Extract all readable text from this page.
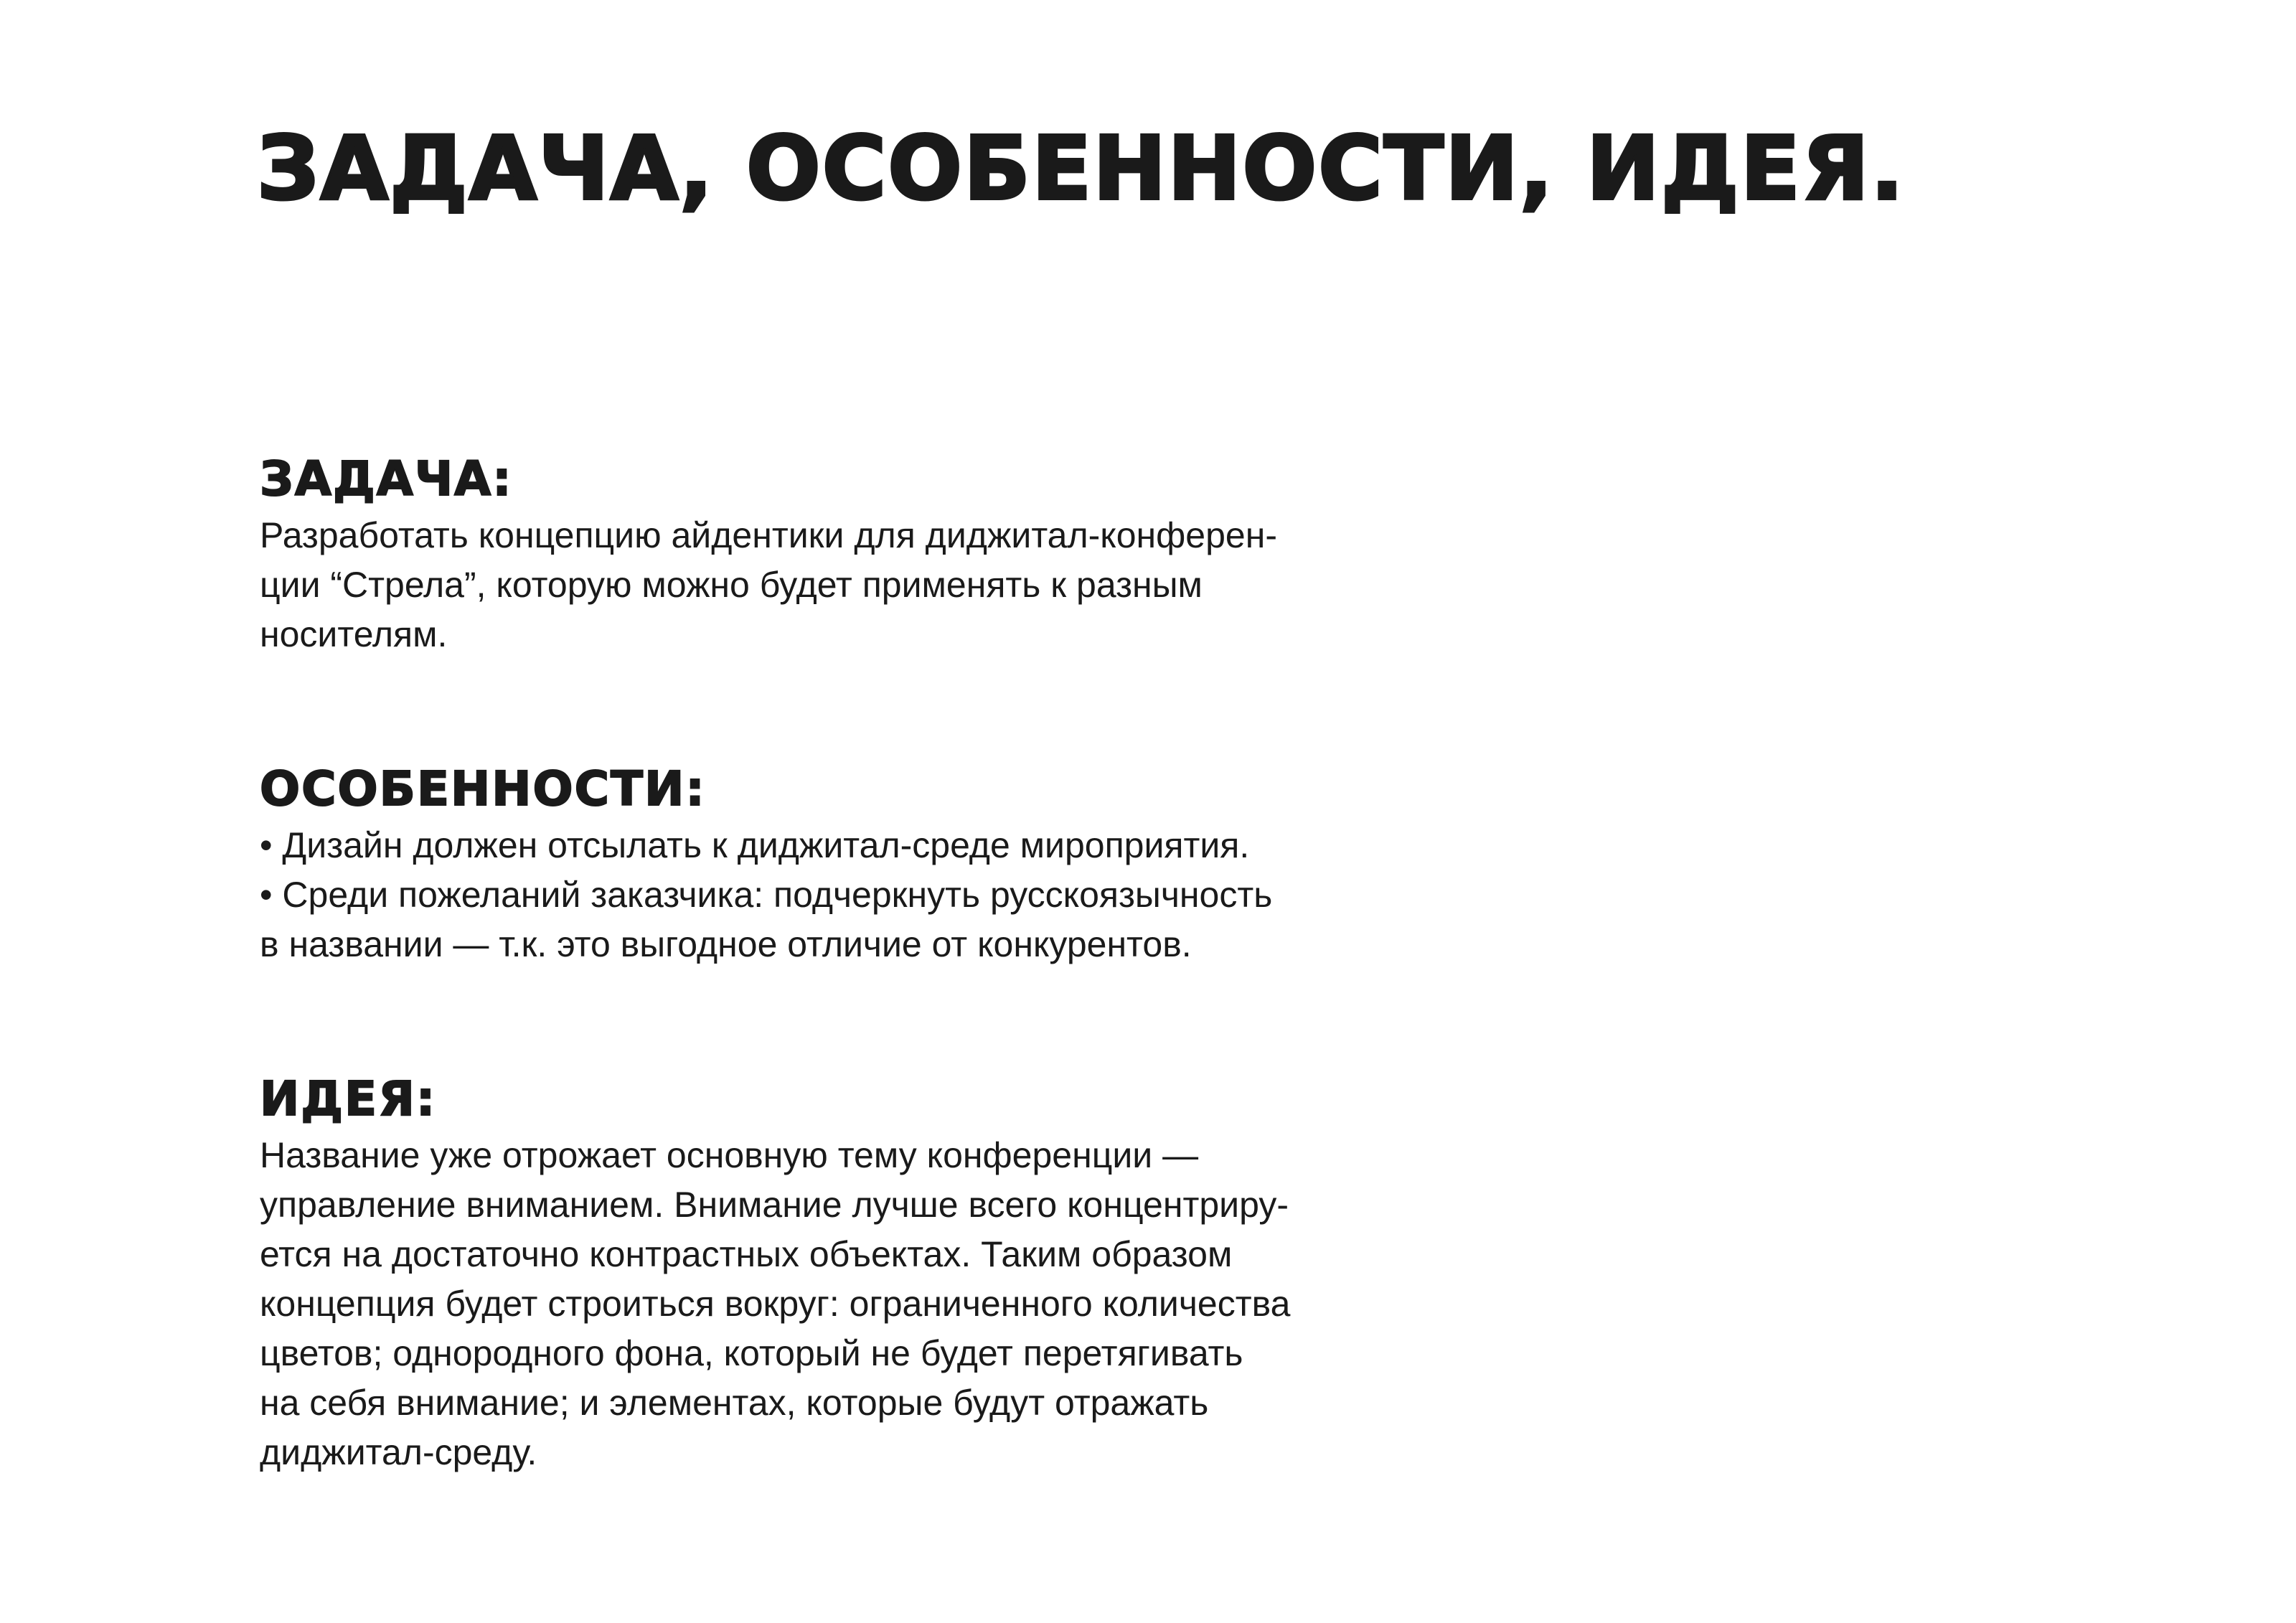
ЗАДАЧА, ОСОБЕННОСТИ, ИДЕЯ.
ЗАДАЧА:

Разработать концепцию айдентики для диджитал-конферен-

ции “Стрела”, которую можно будет применять к разным

носителям.

ОСОБЕННОСТИ:

• Дизайн должен отсылать к диджитал-среде мироприятия.

• Среди пожеланий заказчика: подчеркнуть русскоязычность

в названии — т.к. это выгодное отличие от конкурентов.

ИДЕЯ:

Название уже отрожает основную тему конференции —

управление вниманием. Внимание лучше всего концентриру-

ется на достаточно контрастных объектах. Таким образом

концепция будет строиться вокруг: ограниченного количества

цветов; однородного фона, который не будет перетягивать

на себя внимание; и элементах, которые будут отражать

диджитал-среду.
